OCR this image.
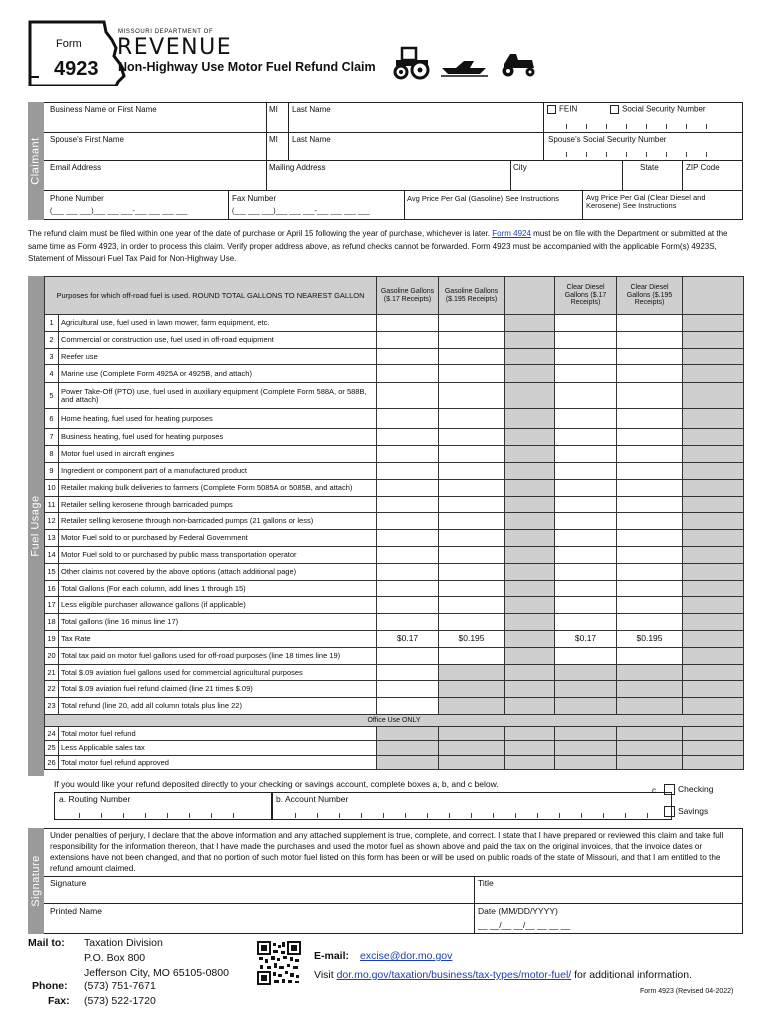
Form
4923
MISSOURI DEPARTMENT OF
REVENUE
Non-Highway Use Motor Fuel Refund Claim
Claimant
Business Name or First Name	MI Last Name	FEIN	Social Security Number
Spouse's First Name	MI Last Name	Spouse's Social Security Number
Email Address	Mailing Address	City	State	ZIP Code
Phone Number
(___ ___ ___)___ ___ ___-___ ___ ___ ___
Fax Number
(___ ___ ___)___ ___ ___-___ ___ ___ ___
Avg Price Per Gal (Gasoline) See Instructions	Avg Price Per Gal (Clear Diesel and Kerosene) See Instructions
The refund claim must be filed within one year of the date of purchase or April 15 following the year of purchase, whichever is later. Form 4924 must be on file with the Department or submitted at the same time as Form 4923, in order to process this claim. Verify proper address above, as refund checks cannot be forwarded. Form 4923 must be accompanied with the applicable Form(s) 4923S, Statement of Missouri Fuel Tax Paid for Non-Highway Use.
Fuel Usage
Purposes for which off-road fuel is used. ROUND TOTAL GALLONS TO NEAREST GALLON		Gasoline Gallons ($.17 Receipts)	Gasoline Gallons ($.195 Receipts)		Clear Diesel Gallons ($.17 Receipts)	Clear Diesel Gallons ($.195 Receipts)	
1	Agricultural use, fuel used in lawn mower, farm equipment, etc.						
2	Commercial or construction use, fuel used in off-road equipment						
3	Reefer use						
4	Marine use (Complete Form 4925A or 4925B, and attach)						
5	Power Take-Off (PTO) use, fuel used in auxiliary equipment (Complete Form 588A, or 588B, and attach)						
6	Home heating, fuel used for heating purposes						
7	Business heating, fuel used for heating purposes						
8	Motor fuel used in aircraft engines						
9	Ingredient or component part of a manufactured product						
10	Retailer making bulk deliveries to farmers (Complete Form 5085A or 5085B, and attach)						
11	Retailer selling kerosene through barricaded pumps						
12	Retailer selling kerosene through non-barricaded pumps (21 gallons or less)						
13	Motor Fuel sold to or purchased by Federal Government						
14	Motor Fuel sold to or purchased by public mass transportation operator						
15	Other claims not covered by the above options (attach additional page)						
16	Total Gallons (For each column, add lines 1 through 15)						
17	Less eligible purchaser allowance gallons (if applicable)						
18	Total gallons (line 16 minus line 17)						
19	Tax Rate	$0.17	$0.195		$0.17	$0.195	
20	Total tax paid on motor fuel gallons used for off-road purposes (line 18 times line 19)						
21	Total $.09 aviation fuel gallons used for commercial agricultural purposes						
22	Total $.09 aviation fuel refund claimed (line 21 times $.09)						
23	Total refund (line 20, add all column totals plus line 22)						
Office Use ONLY							
24	Total motor fuel refund						
25	Less Applicable sales tax						
26	Total motor fuel refund approved						
If you would like your refund deposited directly to your checking or savings account, complete boxes a, b, and c below.
a. Routing Number	b. Account Number
c.	Checking
Savings
Signature
Under penalties of perjury, I declare that the above information and any attached supplement is true, complete, and correct. I state that I have prepared or reviewed this claim and take full responsibility for the information thereon, that I have made the purchases and used the motor fuel as shown above and paid the tax on the original invoices, that the invoice dates or extensions have not been changed, and that no portion of such motor fuel listed on this form has been or will be used on public roads of the state of Missouri, and that I am entitled to the refund amount claimed.
Signature	Title
Printed Name	Date (MM/DD/YYYY)
__ __/__ __/__ __ __ __
Mail to: Taxation Division
P.O. Box 800
Jefferson City, MO 65105-0800
Phone: (573) 751-7671
Fax: (573) 522-1720
E-mail: excise@dor.mo.gov
Visit dor.mo.gov/taxation/business/tax-types/motor-fuel/ for additional information.
Form 4923 (Revised 04-2022)
